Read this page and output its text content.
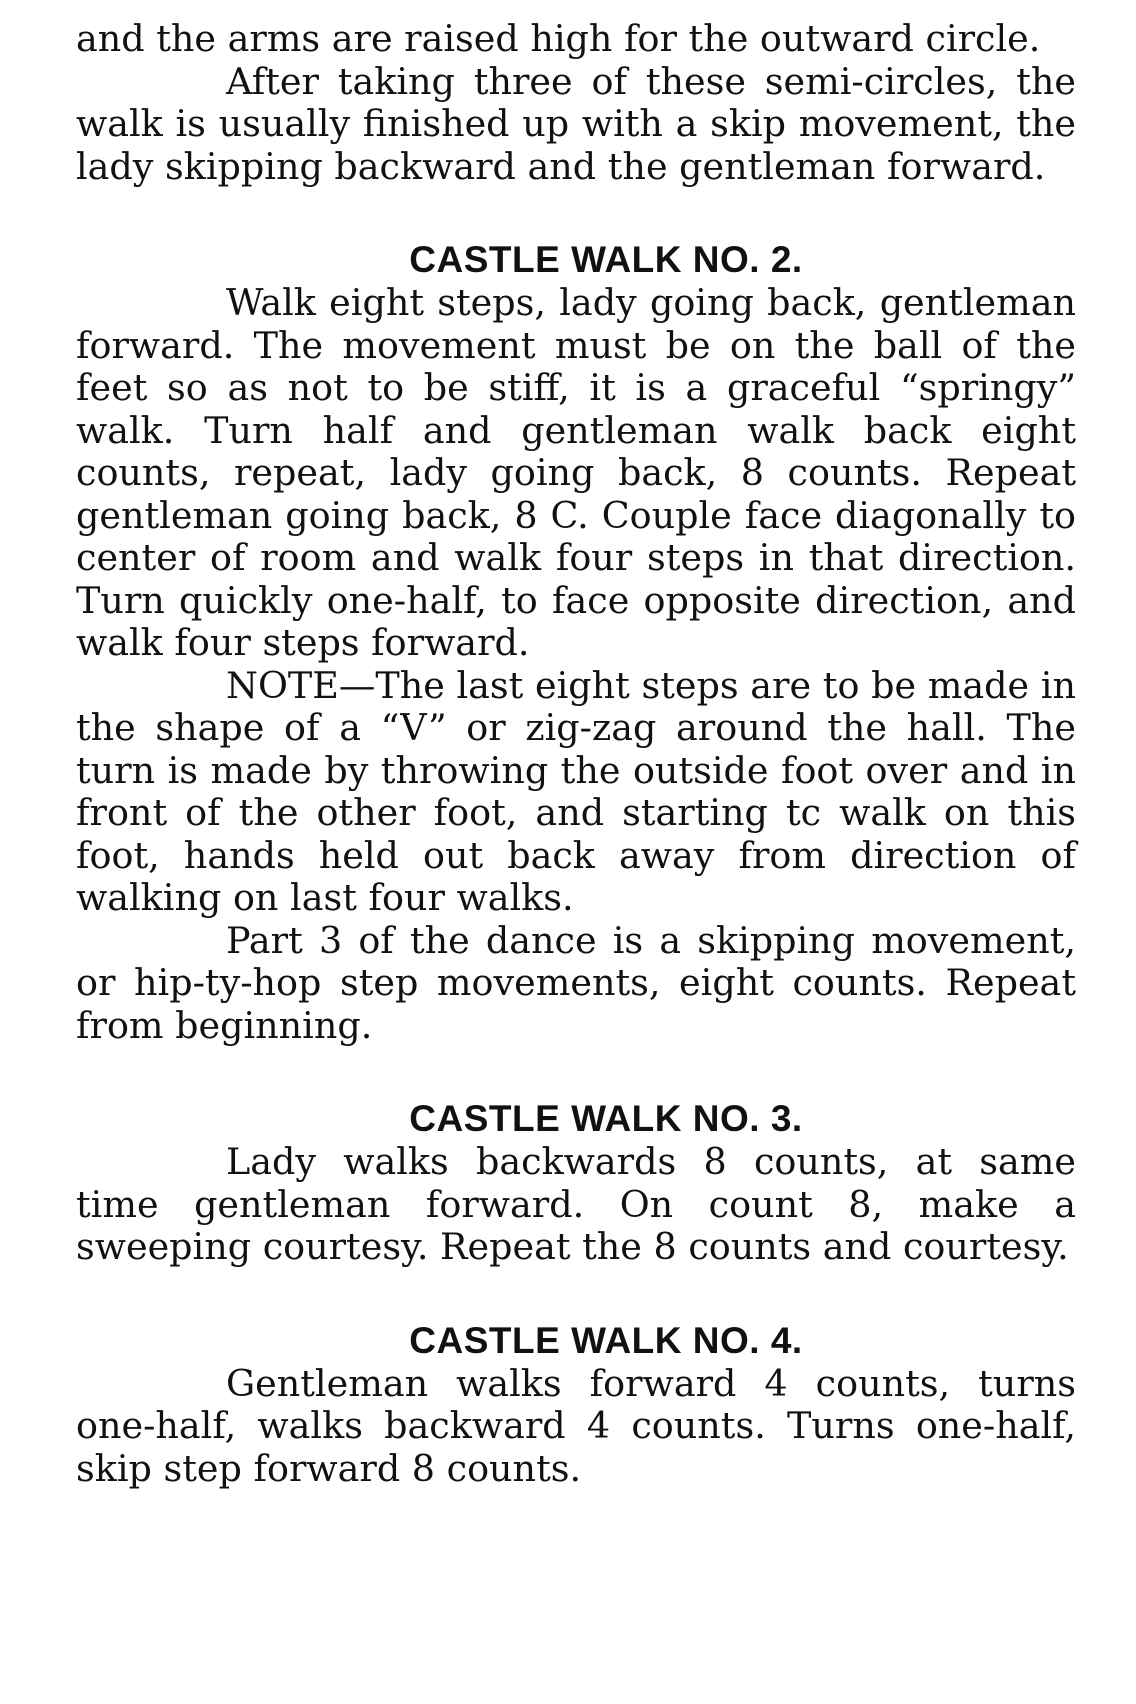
and the arms are raised high for the outward circle.

After taking three of these semi-circles, the walk is usually finished up with a skip movement, the lady skipping backward and the gentleman forward.

CASTLE WALK NO. 2.

Walk eight steps, lady going back, gentleman forward. The movement must be on the ball of the feet so as not to be stiff, it is a graceful “springy” walk. Turn half and gentleman walk back eight counts, repeat, lady going back, 8 counts. Repeat gentleman going back, 8 C. Couple face diagonally to center of room and walk four steps in that direction. Turn quickly one-half, to face opposite direction, and walk four steps forward.

NOTE—The last eight steps are to be made in the shape of a “V” or zig-zag around the hall. The turn is made by throwing the outside foot over and in front of the other foot, and starting tc walk on this foot, hands held out back away from direction of walking on last four walks.

Part 3 of the dance is a skipping movement, or hip-ty-hop step movements, eight counts. Repeat from beginning.

CASTLE WALK NO. 3.

Lady walks backwards 8 counts, at same time gentleman forward. On count 8, make a sweeping courtesy. Repeat the 8 counts and courtesy.

CASTLE WALK NO. 4.

Gentleman walks forward 4 counts, turns one-half, walks backward 4 counts. Turns one-half, skip step forward 8 counts.
